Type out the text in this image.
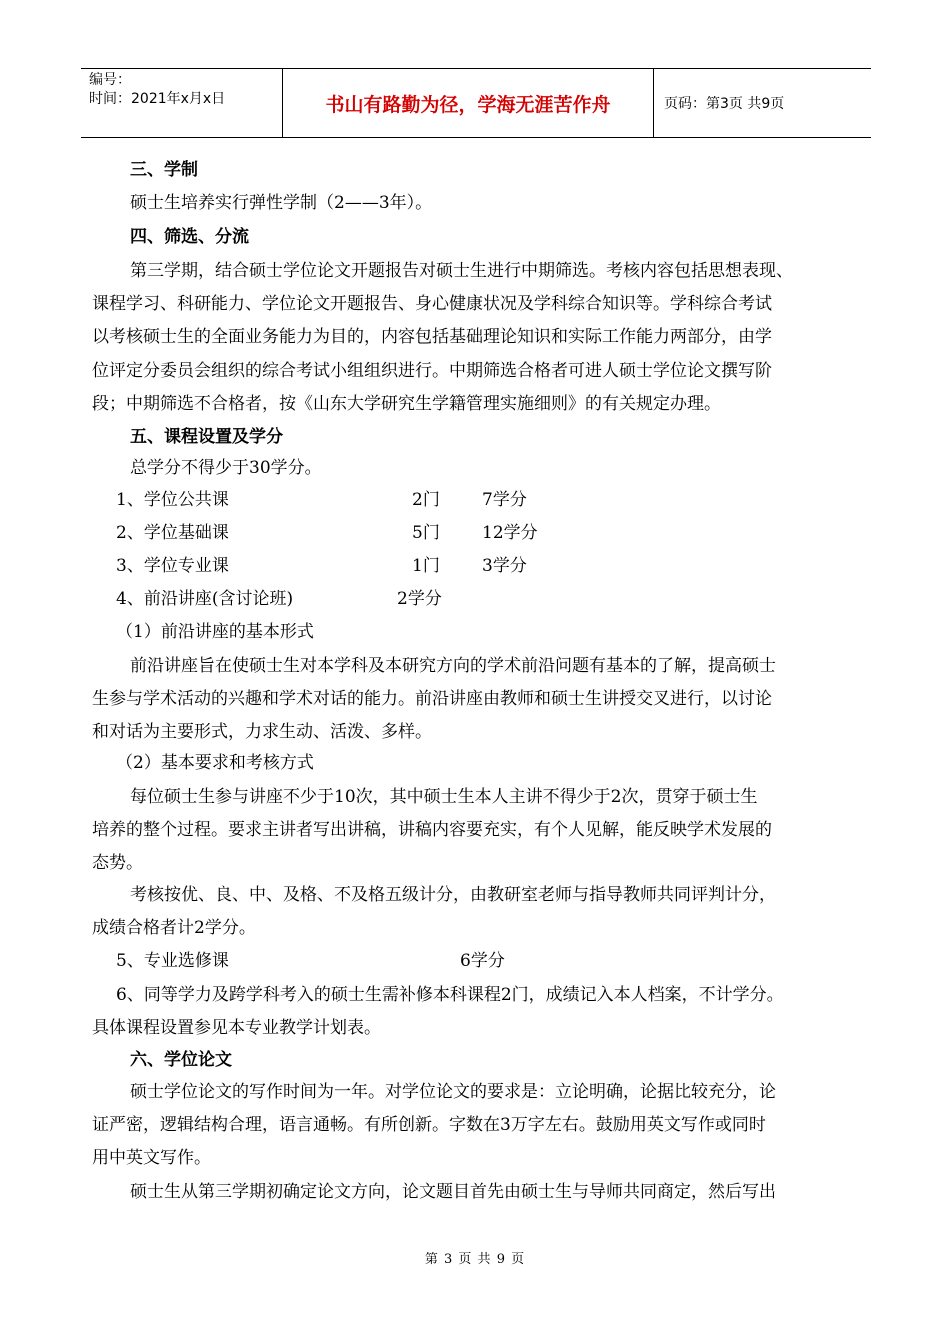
编号：
时间：2021年x月x日	书山有路勤为径，学海无涯苦作舟	页码：第3页 共9页
三、学制
硕士生培养实行弹性学制（2——3年）。
四、筛选、分流
第三学期，结合硕士学位论文开题报告对硕士生进行中期筛选。考核内容包括思想表现、
课程学习、科研能力、学位论文开题报告、身心健康状况及学科综合知识等。学科综合考试
以考核硕士生的全面业务能力为目的，内容包括基础理论知识和实际工作能力两部分，由学
位评定分委员会组织的综合考试小组组织进行。中期筛选合格者可进人硕士学位论文撰写阶
段；中期筛选不合格者，按《山东大学研究生学籍管理实施细则》的有关规定办理。
五、课程设置及学分
总学分不得少于30学分。
1、学位公共课	2门 7学分
2、学位基础课	5门 12学分
3、学位专业课	1门 3学分
4、前沿讲座(含讨论班)	2学分
（1）前沿讲座的基本形式
前沿讲座旨在使硕士生对本学科及本研究方向的学术前沿问题有基本的了解，提高硕士
生参与学术活动的兴趣和学术对话的能力。前沿讲座由教师和硕士生讲授交叉进行，以讨论
和对话为主要形式，力求生动、活泼、多样。
（2）基本要求和考核方式
每位硕士生参与讲座不少于10次，其中硕士生本人主讲不得少于2次，贯穿于硕士生
培养的整个过程。要求主讲者写出讲稿，讲稿内容要充实，有个人见解，能反映学术发展的
态势。
考核按优、良、中、及格、不及格五级计分，由教研室老师与指导教师共同评判计分，
成绩合格者计2学分。
5、专业选修课	6学分
6、同等学力及跨学科考入的硕士生需补修本科课程2门，成绩记入本人档案，不计学分。
具体课程设置参见本专业教学计划表。
六、学位论文
硕士学位论文的写作时间为一年。对学位论文的要求是：立论明确，论据比较充分，论
证严密，逻辑结构合理，语言通畅。有所创新。字数在3万字左右。鼓励用英文写作或同时
用中英文写作。
硕士生从第三学期初确定论文方向，论文题目首先由硕士生与导师共同商定，然后写出
第 3 页 共 9 页
